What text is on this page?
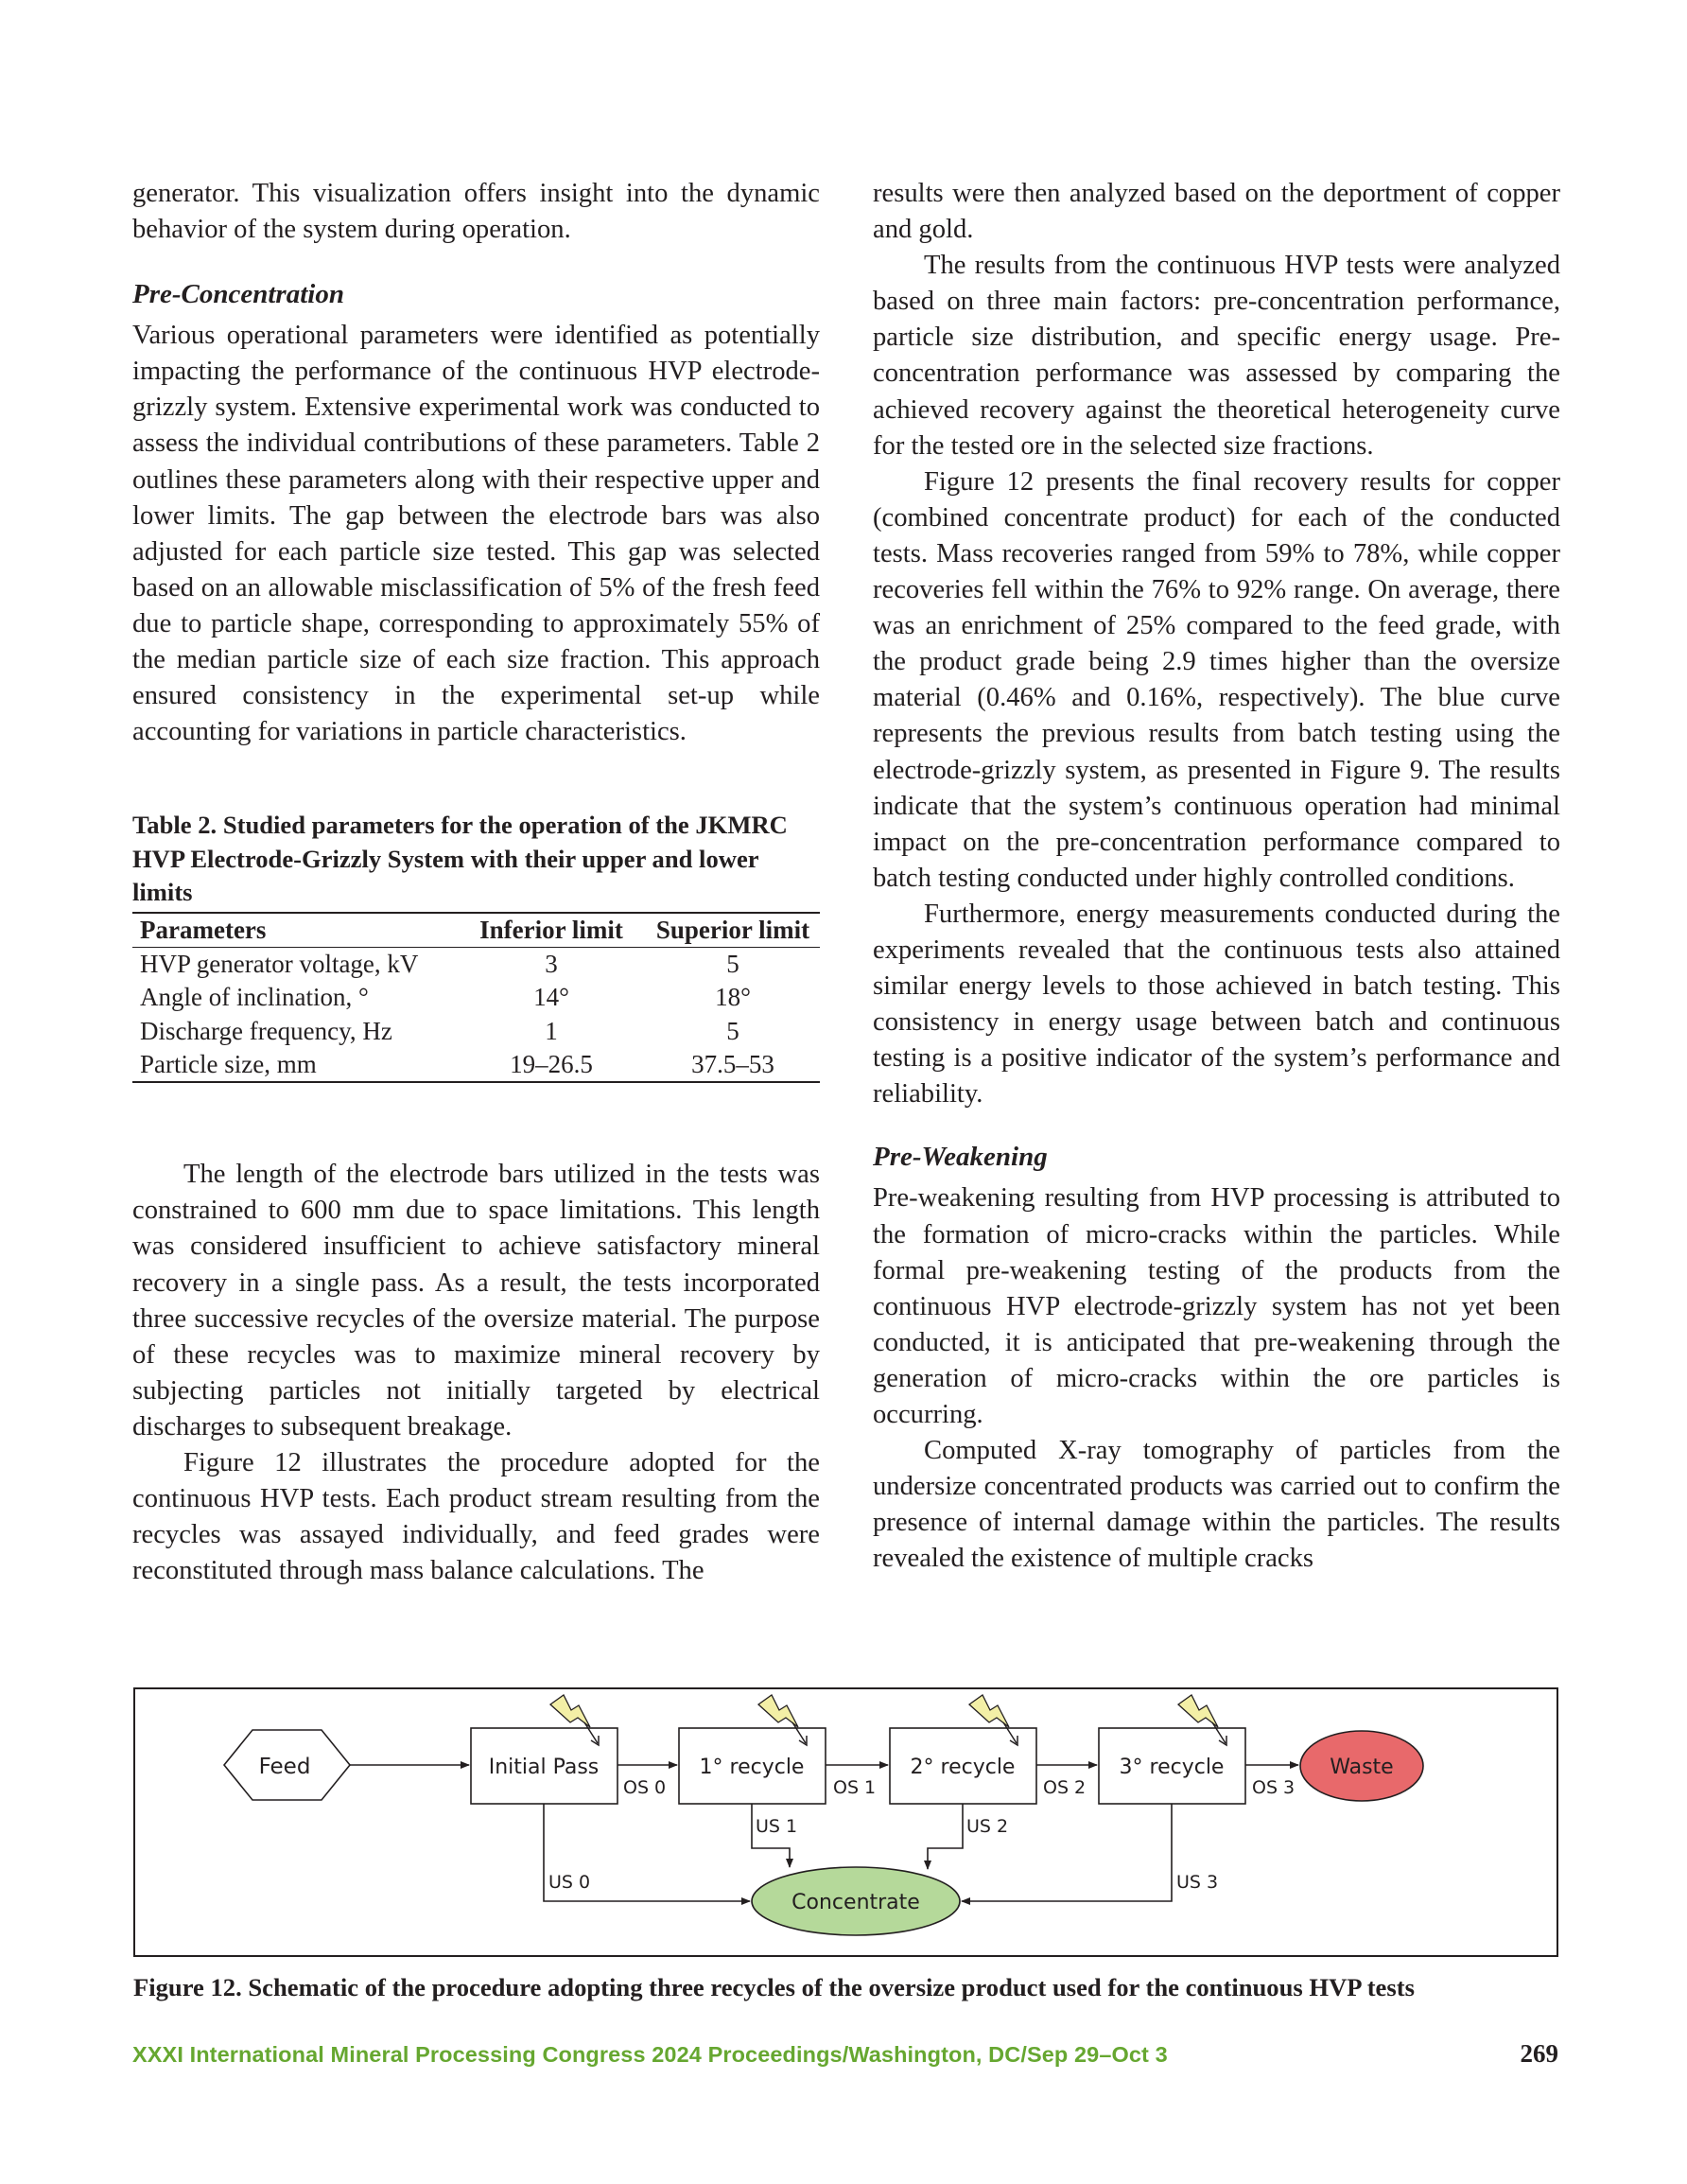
generator. This visualization offers insight into the dynamic behavior of the system during operation.

Pre-Concentration

Various operational parameters were identified as potentially impacting the performance of the continuous HVP electrode-grizzly system. Extensive experimental work was conducted to assess the individual contributions of these parameters. Table 2 outlines these parameters along with their respective upper and lower limits. The gap between the electrode bars was also adjusted for each particle size tested. This gap was selected based on an allowable misclassification of 5% of the fresh feed due to particle shape, corresponding to approximately 55% of the median particle size of each size fraction. This approach ensured consistency in the experimental set-up while accounting for variations in particle characteristics.

Table 2. Studied parameters for the operation of the JKMRC HVP Electrode-Grizzly System with their upper and lower limits
Parameters	Inferior limit	Superior limit
HVP generator voltage, kV	3	5
Angle of inclination, °	14°	18°
Discharge frequency, Hz	1	5
Particle size, mm	19–26.5	37.5–53

The length of the electrode bars utilized in the tests was constrained to 600 mm due to space limitations. This length was considered insufficient to achieve satisfactory mineral recovery in a single pass. As a result, the tests incorporated three successive recycles of the oversize material. The purpose of these recycles was to maximize mineral recovery by subjecting particles not initially targeted by electrical discharges to subsequent breakage.

Figure 12 illustrates the procedure adopted for the continuous HVP tests. Each product stream resulting from the recycles was assayed individually, and feed grades were reconstituted through mass balance calculations. The

results were then analyzed based on the deportment of copper and gold.

The results from the continuous HVP tests were analyzed based on three main factors: pre-concentration performance, particle size distribution, and specific energy usage. Pre-concentration performance was assessed by comparing the achieved recovery against the theoretical heterogeneity curve for the tested ore in the selected size fractions.

Figure 12 presents the final recovery results for copper (combined concentrate product) for each of the conducted tests. Mass recoveries ranged from 59% to 78%, while copper recoveries fell within the 76% to 92% range. On average, there was an enrichment of 25% compared to the feed grade, with the product grade being 2.9 times higher than the oversize material (0.46% and 0.16%, respectively). The blue curve represents the previous results from batch testing using the electrode-grizzly system, as presented in Figure 9. The results indicate that the system’s continuous operation had minimal impact on the pre-concentration performance compared to batch testing conducted under highly controlled conditions.

Furthermore, energy measurements conducted during the experiments revealed that the continuous tests also attained similar energy levels to those achieved in batch testing. This consistency in energy usage between batch and continuous testing is a positive indicator of the system’s performance and reliability.

Pre-Weakening

Pre-weakening resulting from HVP processing is attributed to the formation of micro-cracks within the particles. While formal pre-weakening testing of the products from the continuous HVP electrode-grizzly system has not yet been conducted, it is anticipated that pre-weakening through the generation of micro-cracks within the ore particles is occurring.

Computed X-ray tomography of particles from the undersize concentrated products was carried out to confirm the presence of internal damage within the particles. The results revealed the existence of multiple cracks

Feed	Initial Pass	1° recycle	2° recycle	3° recycle	Waste
Concentrate
OS 0	OS 1	OS 2	OS 3
US 0
US 1	US 2
US 3
Figure 12. Schematic of the procedure adopting three recycles of the oversize product used for the continuous HVP tests
XXXI International Mineral Processing Congress 2024 Proceedings/Washington, DC/Sep 29–Oct 3	269
